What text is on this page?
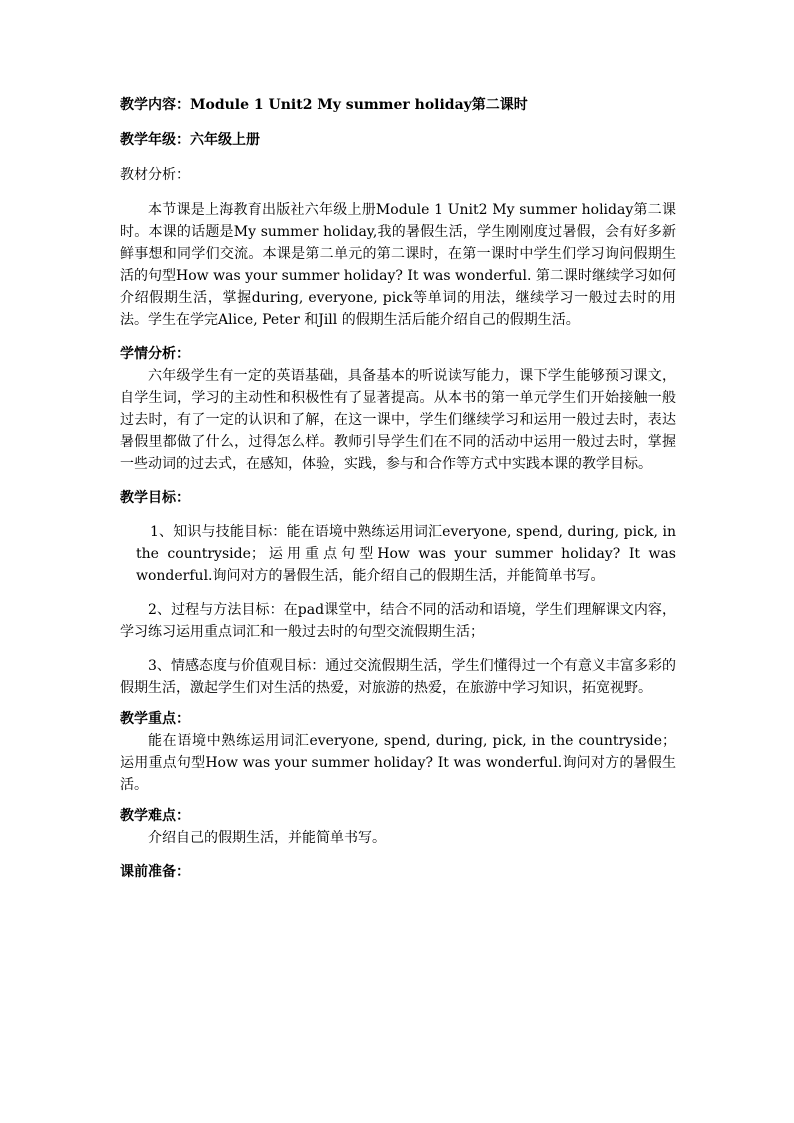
教学内容：Module 1 Unit2 My summer holiday第二课时
教学年级：六年级上册
教材分析：

本节课是上海教育出版社六年级上册Module 1 Unit2 My summer holiday第二课时。本课的话题是My summer holiday,我的暑假生活，学生刚刚度过暑假，会有好多新鲜事想和同学们交流。本课是第二单元的第二课时，在第一课时中学生们学习询问假期生活的句型How was your summer holiday? It was wonderful. 第二课时继续学习如何介绍假期生活，掌握during, everyone, pick等单词的用法，继续学习一般过去时的用法。学生在学完Alice, Peter 和Jill 的假期生活后能介绍自己的假期生活。

学情分析：

六年级学生有一定的英语基础，具备基本的听说读写能力，课下学生能够预习课文，自学生词，学习的主动性和积极性有了显著提高。从本书的第一单元学生们开始接触一般过去时，有了一定的认识和了解，在这一课中，学生们继续学习和运用一般过去时，表达暑假里都做了什么，过得怎么样。教师引导学生们在不同的活动中运用一般过去时，掌握一些动词的过去式，在感知，体验，实践，参与和合作等方式中实践本课的教学目标。

教学目标：

1、知识与技能目标：能在语境中熟练运用词汇everyone, spend, during, pick, in the countryside；运用重点句型How was your summer holiday? It was wonderful.询问对方的暑假生活，能介绍自己的假期生活，并能简单书写。

2、过程与方法目标：在pad课堂中，结合不同的活动和语境，学生们理解课文内容，学习练习运用重点词汇和一般过去时的句型交流假期生活；

3、情感态度与价值观目标：通过交流假期生活，学生们懂得过一个有意义丰富多彩的假期生活，激起学生们对生活的热爱，对旅游的热爱，在旅游中学习知识，拓宽视野。

教学重点：

能在语境中熟练运用词汇everyone, spend, during, pick, in the countryside；运用重点句型How was your summer holiday? It was wonderful.询问对方的暑假生活。

教学难点：

介绍自己的假期生活，并能简单书写。

课前准备：
